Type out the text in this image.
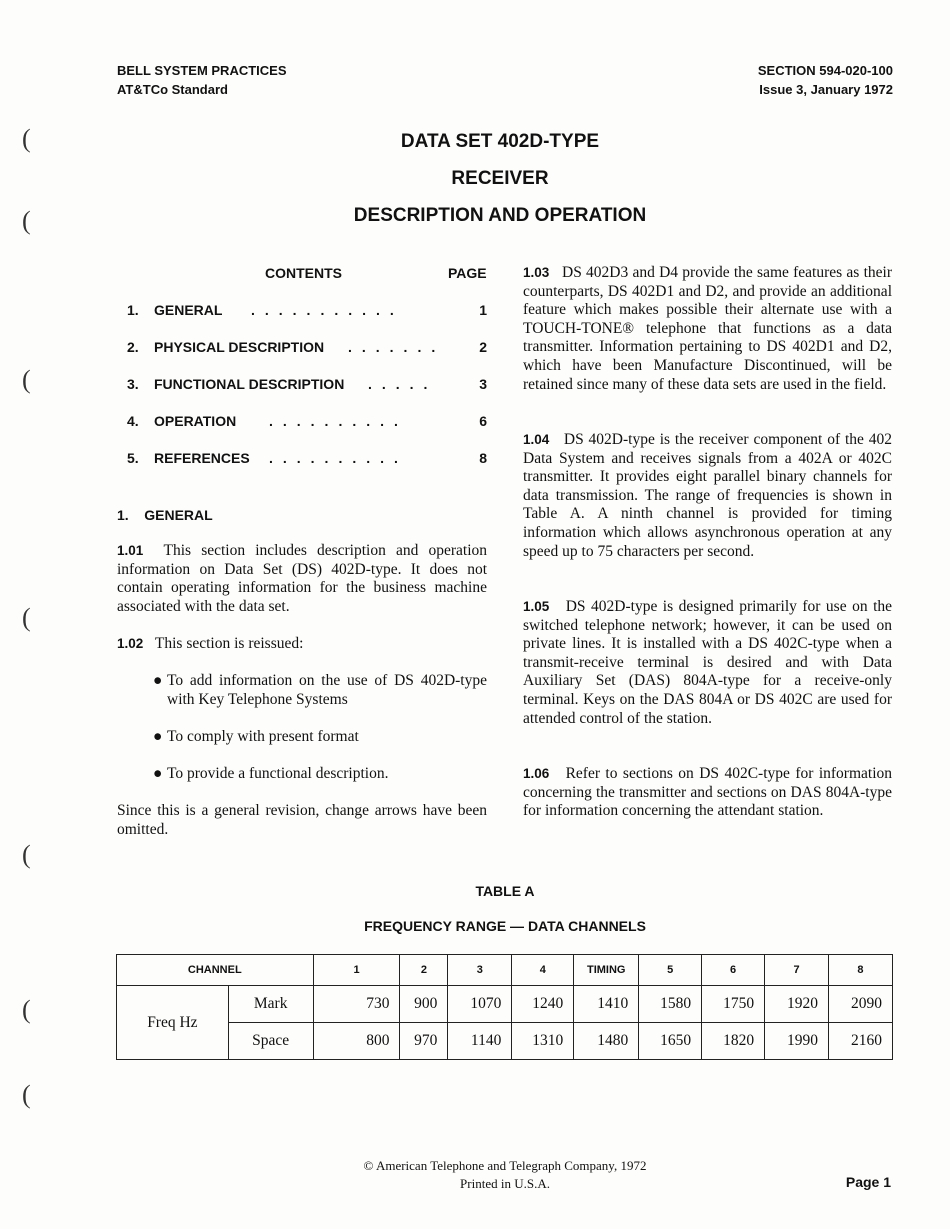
BELL SYSTEM PRACTICES
AT&TCo Standard
SECTION 594-020-100
Issue 3, January 1972
(
(
(
(
(
(
(
DATA SET 402D-TYPE
RECEIVER
DESCRIPTION AND OPERATION
CONTENTS	PAGE
1. GENERAL ...........	1
2. PHYSICAL DESCRIPTION ....... 2
3. FUNCTIONAL DESCRIPTION .....	3
4. OPERATION ..........	6
5. REFERENCES ..........	8
1.    GENERAL
1.01 This section includes description and operation information on Data Set (DS) 402D-type. It does not contain operating information for the business machine associated with the data set.
1.02 This section is reissued:
● To add information on the use of DS 402D-type with Key Telephone Systems
● To comply with present format
● To provide a functional description.
Since this is a general revision, change arrows have been omitted.
1.03 DS 402D3 and D4 provide the same features as their counterparts, DS 402D1 and D2, and provide an additional feature which makes possible their alternate use with a TOUCH-TONE® telephone that functions as a data transmitter. Information pertaining to DS 402D1 and D2, which have been Manufacture Discontinued, will be retained since many of these data sets are used in the field.
1.04 DS 402D-type is the receiver component of the 402 Data System and receives signals from a 402A or 402C transmitter. It provides eight parallel binary channels for data transmission. The range of frequencies is shown in Table A. A ninth channel is provided for timing information which allows asynchronous operation at any speed up to 75 characters per second.
1.05 DS 402D-type is designed primarily for use on the switched telephone network; however, it can be used on private lines. It is installed with a DS 402C-type when a transmit-receive terminal is desired and with Data Auxiliary Set (DAS) 804A-type for a receive-only terminal. Keys on the DAS 804A or DS 402C are used for attended control of the station.
1.06 Refer to sections on DS 402C-type for information concerning the transmitter and sections on DAS 804A-type for information concerning the attendant station.
TABLE A
FREQUENCY RANGE — DATA CHANNELS
CHANNEL		1	2	3	4	TIMING	5	6	7	8
Freq Hz	Mark	730	900	1070	1240	1410	1580	1750	1920	2090
	Space	800	970	1140	1310	1480	1650	1820	1990	2160
© American Telephone and Telegraph Company, 1972
Printed in U.S.A.	Page 1
